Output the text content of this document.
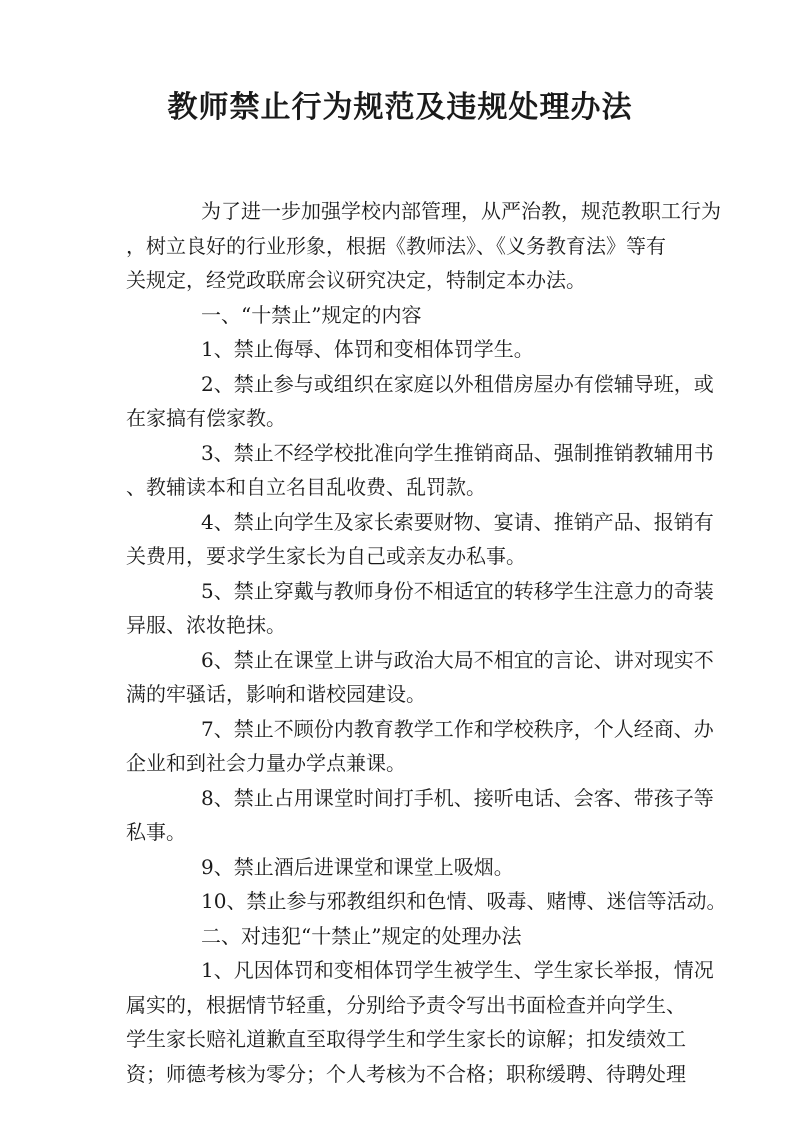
教师禁止行为规范及违规处理办法
为了进一步加强学校内部管理，从严治教，规范教职工行为
，树立良好的行业形象，根据《教师法》、《义务教育法》等有
关规定，经党政联席会议研究决定，特制定本办法。
一、“十禁止”规定的内容
1、禁止侮辱、体罚和变相体罚学生。
2、禁止参与或组织在家庭以外租借房屋办有偿辅导班，或
在家搞有偿家教。
3、禁止不经学校批准向学生推销商品、强制推销教辅用书
、教辅读本和自立名目乱收费、乱罚款。
4、禁止向学生及家长索要财物、宴请、推销产品、报销有
关费用，要求学生家长为自己或亲友办私事。
5、禁止穿戴与教师身份不相适宜的转移学生注意力的奇装
异服、浓妆艳抹。
6、禁止在课堂上讲与政治大局不相宜的言论、讲对现实不
满的牢骚话，影响和谐校园建设。
7、禁止不顾份内教育教学工作和学校秩序，个人经商、办
企业和到社会力量办学点兼课。
8、禁止占用课堂时间打手机、接听电话、会客、带孩子等
私事。
9、禁止酒后进课堂和课堂上吸烟。
10、禁止参与邪教组织和色情、吸毒、赌博、迷信等活动。
二、对违犯“十禁止”规定的处理办法
1、凡因体罚和变相体罚学生被学生、学生家长举报，情况
属实的，根据情节轻重，分别给予责令写出书面检查并向学生、
学生家长赔礼道歉直至取得学生和学生家长的谅解；扣发绩效工
资；师德考核为零分；个人考核为不合格；职称缓聘、待聘处理
